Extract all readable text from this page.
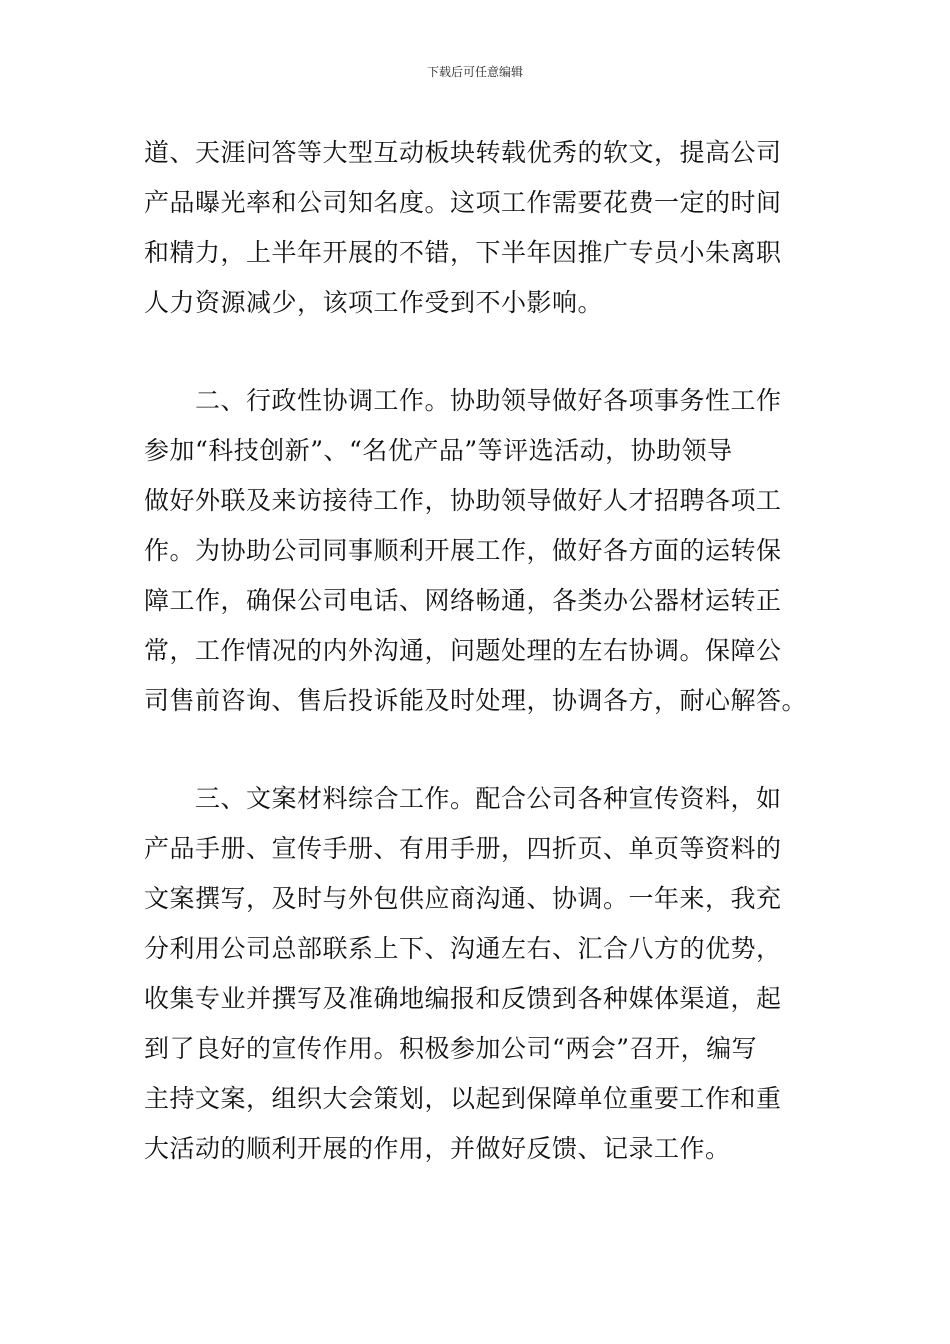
下载后可任意编辑
道、天涯问答等大型互动板块转载优秀的软文，提高公司
产品曝光率和公司知名度。这项工作需要花费一定的时间
和精力，上半年开展的不错，下半年因推广专员小朱离职
人力资源减少，该项工作受到不小影响。
　　二、行政性协调工作。协助领导做好各项事务性工作
参加“科技创新”、“名优产品”等评选活动，协助领导
做好外联及来访接待工作，协助领导做好人才招聘各项工
作。为协助公司同事顺利开展工作，做好各方面的运转保
障工作，确保公司电话、网络畅通，各类办公器材运转正
常，工作情况的内外沟通，问题处理的左右协调。保障公
司售前咨询、售后投诉能及时处理，协调各方，耐心解答。
　　三、文案材料综合工作。配合公司各种宣传资料，如
产品手册、宣传手册、有用手册，四折页、单页等资料的
文案撰写，及时与外包供应商沟通、协调。一年来，我充
分利用公司总部联系上下、沟通左右、汇合八方的优势，
收集专业并撰写及准确地编报和反馈到各种媒体渠道，起
到了良好的宣传作用。积极参加公司“两会”召开，编写
主持文案，组织大会策划，以起到保障单位重要工作和重
大活动的顺利开展的作用，并做好反馈、记录工作。
